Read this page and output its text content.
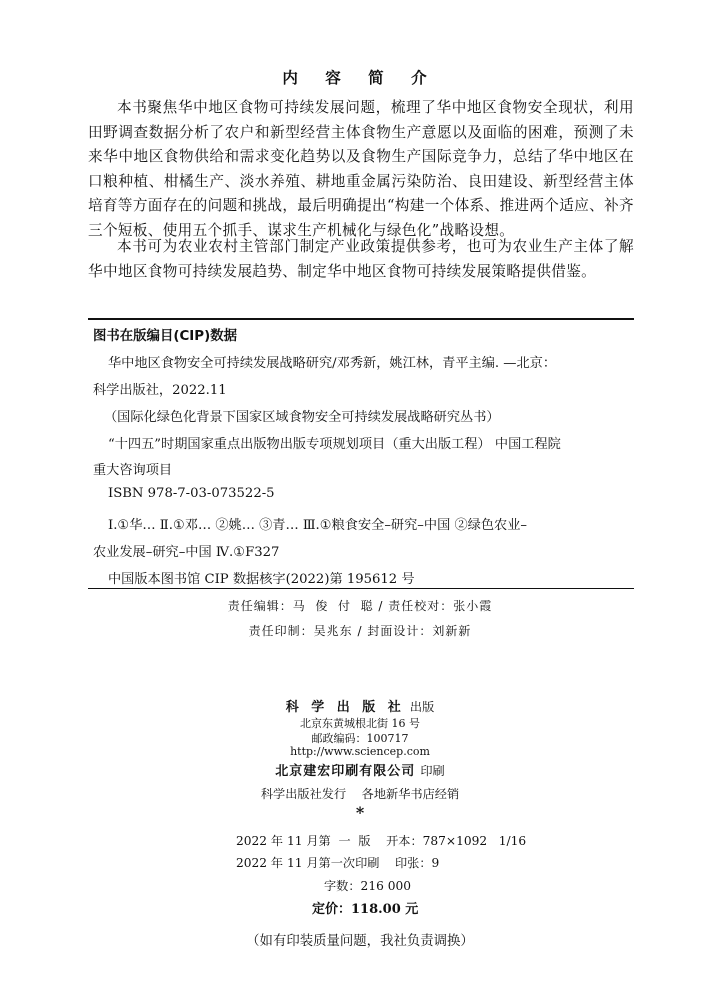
内 容 简 介

本书聚焦华中地区食物可持续发展问题，梳理了华中地区食物安全现状，利用田野调查数据分析了农户和新型经营主体食物生产意愿以及面临的困难，预测了未来华中地区食物供给和需求变化趋势以及食物生产国际竞争力，总结了华中地区在口粮种植、柑橘生产、淡水养殖、耕地重金属污染防治、良田建设、新型经营主体培育等方面存在的问题和挑战，最后明确提出“构建一个体系、推进两个适应、补齐三个短板、使用五个抓手、谋求生产机械化与绿色化”战略设想。

本书可为农业农村主管部门制定产业政策提供参考，也可为农业生产主体了解华中地区食物可持续发展趋势、制定华中地区食物可持续发展策略提供借鉴。

图书在版编目(CIP)数据
华中地区食物安全可持续发展战略研究/邓秀新，姚江林，青平主编. —北京：
科学出版社，2022.11
（国际化绿色化背景下国家区域食物安全可持续发展战略研究丛书）
“十四五”时期国家重点出版物出版专项规划项目（重大出版工程） 中国工程院
重大咨询项目
ISBN 978-7-03-073522-5
Ⅰ.①华… Ⅱ.①邓… ②姚… ③青… Ⅲ.①粮食安全–研究–中国 ②绿色农业–
农业发展–研究–中国 Ⅳ.①F327
中国版本图书馆 CIP 数据核字(2022)第 195612 号
责任编辑：马  俊  付  聪 / 责任校对：张小霞
责任印制：吴兆东 / 封面设计：刘新新
科 学 出 版 社 出版
北京东黄城根北街 16 号
邮政编码：100717
http://www.sciencep.com
北京建宏印刷有限公司 印刷
科学出版社发行    各地新华书店经销
*
2022 年 11 月第  一  版    开本：787×1092   1/16
2022 年 11 月第一次印刷    印张：9
字数：216 000
定价：118.00 元
（如有印装质量问题，我社负责调换）
